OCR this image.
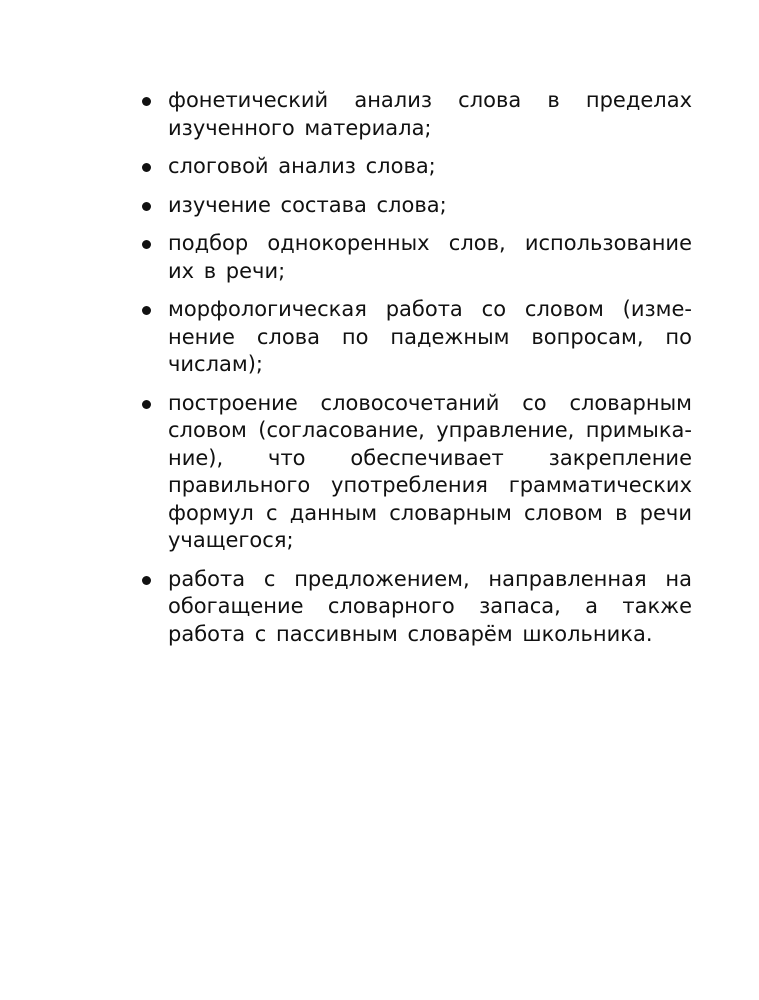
фонетический анализ слова в пределах изученного материала;
слоговой анализ слова;
изучение состава слова;
подбор однокоренных слов, использование их в речи;
морфологическая работа со словом (изменение слова по падежным вопросам, по числам);
построение словосочетаний со словарным словом (согласование, управление, примыкание), что обеспечивает закрепление правильного употребления грамматических формул с данным словарным словом в речи учащегося;
работа с предложением, направленная на обогащение словарного запаса, а также работа с пассивным словарём школьника.
